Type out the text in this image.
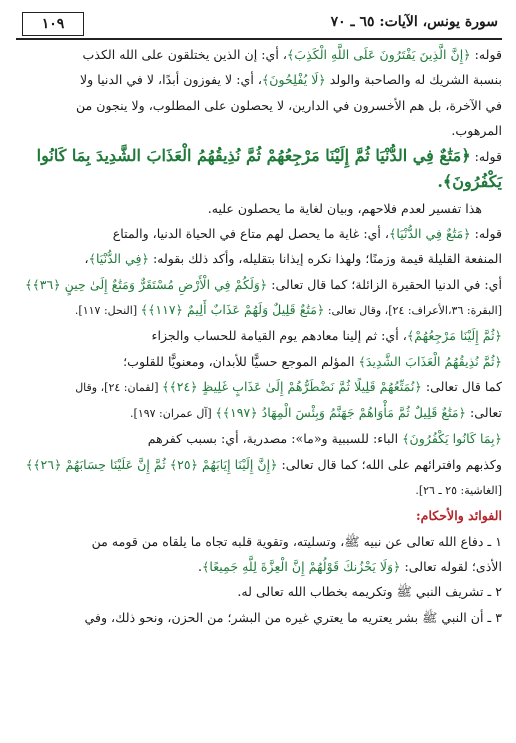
سورة يونس، الآيات: ٦٥ ـ ٧٠
١٠٩
قوله: ﴿إِنَّ الَّذِينَ يَفْتَرُونَ عَلَى اللَّهِ الْكَذِبَ﴾، أي: إن الذين يختلقون على الله الكذب
بنسبة الشريك له والصاحبة والولد ﴿لَا يُفْلِحُونَ﴾، أي: لا يفوزون أبدًا، لا في الدنيا ولا
في الآخرة، بل هم الأخسرون في الدارين، لا يحصلون على المطلوب، ولا ينجون من
المرهوب.
قوله: ﴿مَتَٰعٌ فِي الدُّنْيَا ثُمَّ إِلَيْنَا مَرْجِعُهُمْ ثُمَّ نُذِيقُهُمُ الْعَذَابَ الشَّدِيدَ بِمَا كَانُوا
يَكْفُرُونَ﴾.
هذا تفسير لعدم فلاحهم، وبيان لغاية ما يحصلون عليه.
قوله: ﴿مَتَٰعٌ فِي الدُّنْيَا﴾، أي: غاية ما يحصل لهم متاع في الحياة الدنيا، والمتاع
المنفعة القليلة قيمة وزمنًا؛ ولهذا نكره إيذانا بتقليله، وأكد ذلك بقوله: ﴿فِي الدُّنْيَا﴾،
أي: في الدنيا الحقيرة الزائلة؛ كما قال تعالى: ﴿وَلَكُمْ فِي الْأَرْضِ مُسْتَقَرٌّ وَمَتَٰعٌ إِلَىٰ حِينٍ ﴿٣٦﴾﴾
[البقرة: ٣٦،الأعراف: ٢٤]، وقال تعالى: ﴿مَتَٰعٌ قَلِيلٌ وَلَهُمْ عَذَابٌ أَلِيمٌ ﴿١١٧﴾﴾ [النحل: ١١٧].
﴿ثُمَّ إِلَيْنَا مَرْجِعُهُمْ﴾، أي: ثم إلينا معادهم يوم القيامة للحساب والجزاء
﴿ثُمَّ نُذِيقُهُمُ الْعَذَابَ الشَّدِيدَ﴾ المؤلم الموجع حسيًّا للأبدان، ومعنويًّا للقلوب؛
كما قال تعالى: ﴿نُمَتِّعُهُمْ قَلِيلًا ثُمَّ نَضْطَرُّهُمْ إِلَىٰ عَذَابٍ غَلِيظٍ ﴿٢٤﴾﴾ [لقمان: ٢٤]، وقال
تعالى: ﴿مَتَٰعٌ قَلِيلٌ ثُمَّ مَأْوَاهُمْ جَهَنَّمُ وَبِئْسَ الْمِهَادُ ﴿١٩٧﴾﴾ [آل عمران: ١٩٧].
﴿بِمَا كَانُوا يَكْفُرُونَ﴾ الباء: للسببية و«ما»: مصدرية، أي: بسبب كفرهم
وكذبهم وافترائهم على الله؛ كما قال تعالى: ﴿إِنَّ إِلَيْنَا إِيَابَهُمْ ﴿٢٥﴾ ثُمَّ إِنَّ عَلَيْنَا حِسَابَهُمْ ﴿٢٦﴾﴾
[الغاشية: ٢٥ ـ ٢٦].
الفوائد والأحكام:
١ ـ دفاع الله تعالى عن نبيه ﷺ، وتسليته، وتقوية قلبه تجاه ما يلقاه من قومه من
الأذى؛ لقوله تعالى: ﴿وَلَا يَحْزُنكَ قَوْلُهُمْ إِنَّ الْعِزَّةَ لِلَّهِ جَمِيعًا﴾.
٢ ـ تشريف النبي ﷺ وتكريمه بخطاب الله تعالى له.
٣ ـ أن النبي ﷺ بشر يعتريه ما يعتري غيره من البشر؛ من الحزن، ونحو ذلك، وفي
